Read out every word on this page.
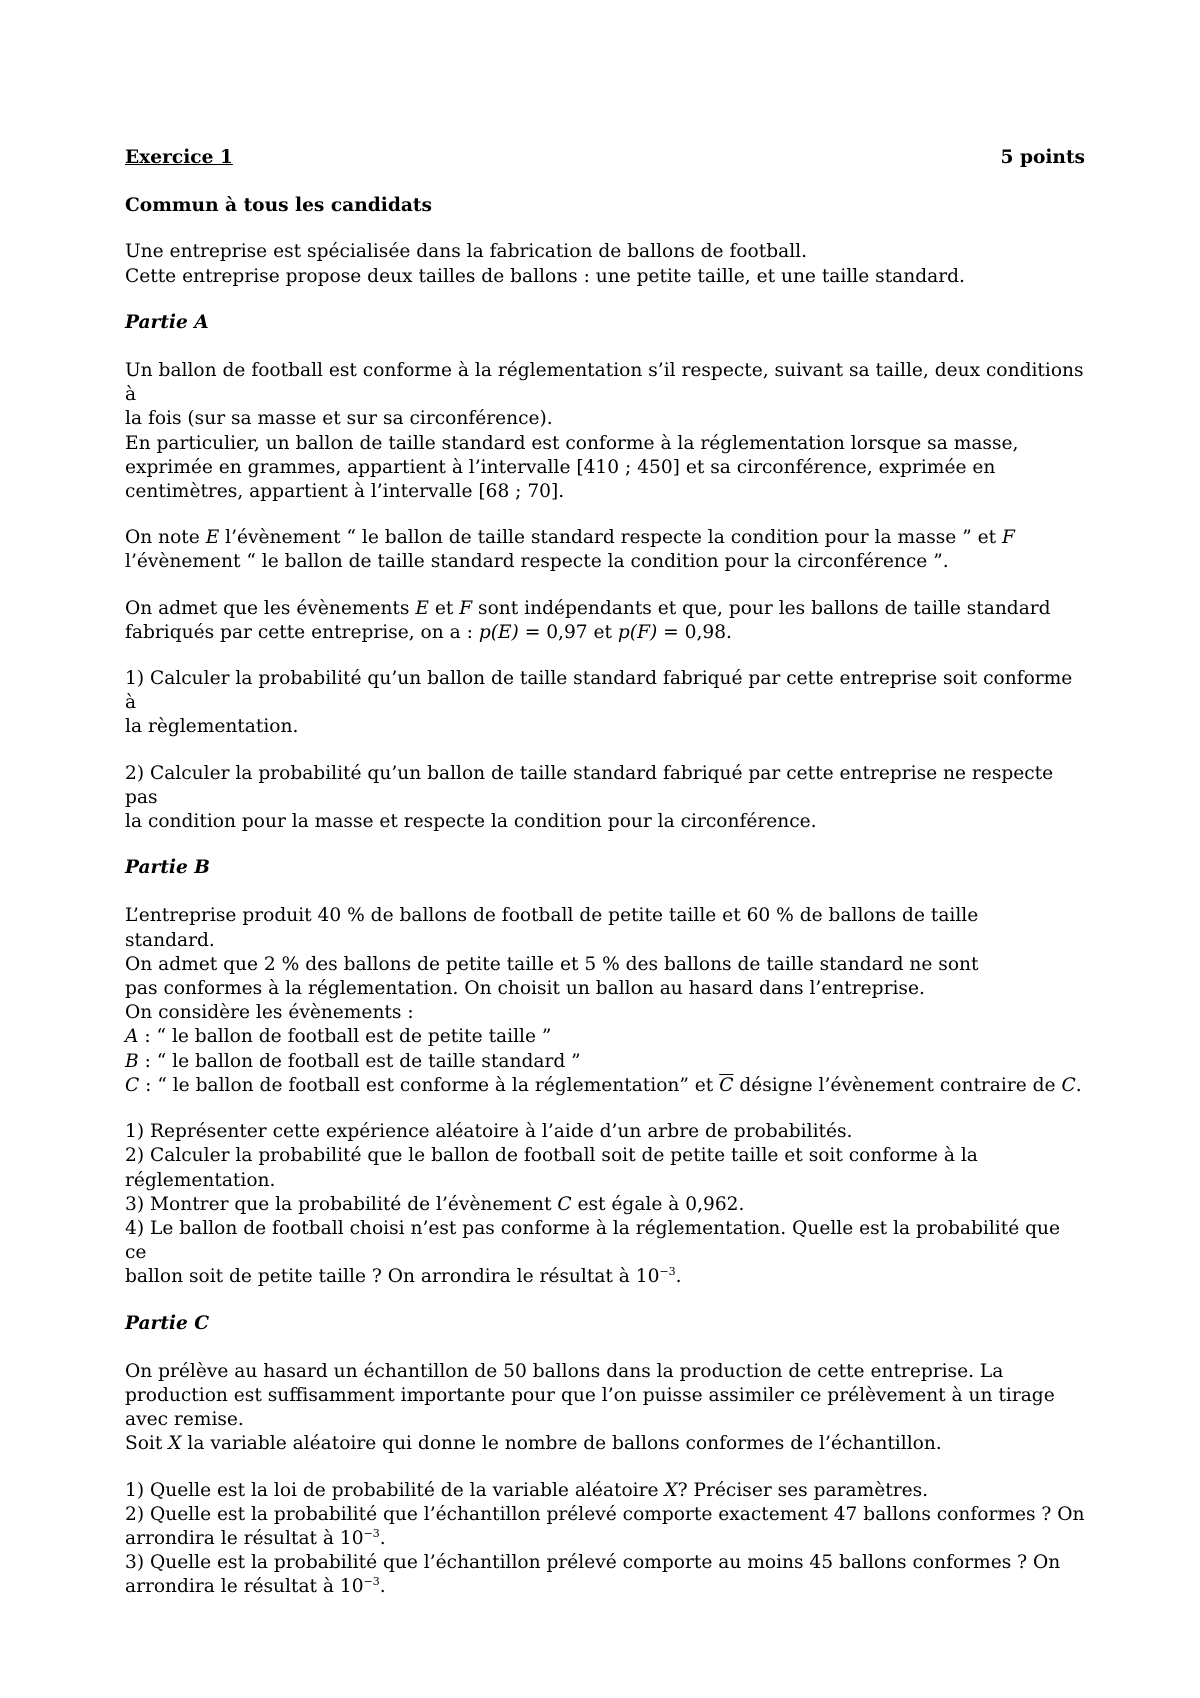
Exercice 1	5 points

Commun à tous les candidats

Une entreprise est spécialisée dans la fabrication de ballons de football.
Cette entreprise propose deux tailles de ballons : une petite taille, et une taille standard.

Partie A

Un ballon de football est conforme à la réglementation s’il respecte, suivant sa taille, deux conditions à
la fois (sur sa masse et sur sa circonférence).
En particulier, un ballon de taille standard est conforme à la réglementation lorsque sa masse,
exprimée en grammes, appartient à l’intervalle [410 ; 450] et sa circonférence, exprimée en
centimètres, appartient à l’intervalle [68 ; 70].

On note E l’évènement “ le ballon de taille standard respecte la condition pour la masse ” et F
l’évènement “ le ballon de taille standard respecte la condition pour la circonférence ”.

On admet que les évènements E et F sont indépendants et que, pour les ballons de taille standard
fabriqués par cette entreprise, on a : p(E) = 0,97 et p(F) = 0,98.

1) Calculer la probabilité qu’un ballon de taille standard fabriqué par cette entreprise soit conforme à
la règlementation.

2) Calculer la probabilité qu’un ballon de taille standard fabriqué par cette entreprise ne respecte pas
la condition pour la masse et respecte la condition pour la circonférence.

Partie B

L’entreprise produit 40 % de ballons de football de petite taille et 60 % de ballons de taille
standard.
On admet que 2 % des ballons de petite taille et 5 % des ballons de taille standard ne sont
pas conformes à la réglementation. On choisit un ballon au hasard dans l’entreprise.
On considère les évènements :
A : “ le ballon de football est de petite taille ”
B : “ le ballon de football est de taille standard ”
C : “ le ballon de football est conforme à la réglementation” et $\overline{C}$ désigne l’évènement contraire de C.

1) Représenter cette expérience aléatoire à l’aide d’un arbre de probabilités.
2) Calculer la probabilité que le ballon de football soit de petite taille et soit conforme à la
réglementation.
3) Montrer que la probabilité de l’évènement C est égale à 0,962.
4) Le ballon de football choisi n’est pas conforme à la réglementation. Quelle est la probabilité que ce
ballon soit de petite taille ? On arrondira le résultat à $10^{-3}$.

Partie C

On prélève au hasard un échantillon de 50 ballons dans la production de cette entreprise. La
production est suffisamment importante pour que l’on puisse assimiler ce prélèvement à un tirage
avec remise.
Soit X la variable aléatoire qui donne le nombre de ballons conformes de l’échantillon.

1) Quelle est la loi de probabilité de la variable aléatoire X? Préciser ses paramètres.
2) Quelle est la probabilité que l’échantillon prélevé comporte exactement 47 ballons conformes ? On
arrondira le résultat à $10^{-3}$.
3) Quelle est la probabilité que l’échantillon prélevé comporte au moins 45 ballons conformes ? On
arrondira le résultat à $10^{-3}$.
